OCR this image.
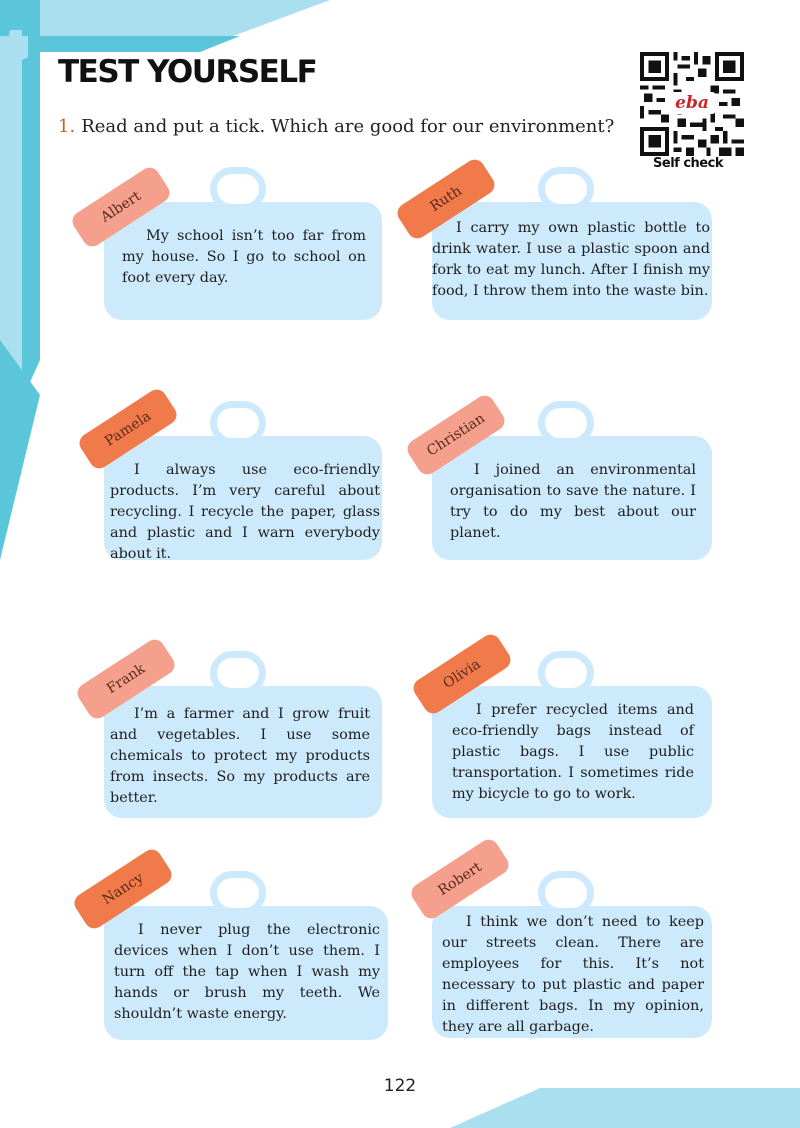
TEST YOURSELF
1. Read and put a tick. Which are good for our environment?
eba
Self check
My school isn’t too far from my house. So I go to school on foot every day.
Albert
I carry my own plastic bottle to drink water. I use a plastic spoon and fork to eat my lunch. After I finish my food, I throw them into the waste bin.
Ruth
I always use eco-friendly products. I’m very careful about recycling. I recycle the paper, glass and plastic and I warn everybody about it.
Pamela
I joined an environmental organisation to save the nature. I try to do my best about our planet.
Christian
I’m a farmer and I grow fruit and vegetables. I use some chemicals to protect my products from insects. So my products are better.
Frank
I prefer recycled items and eco-friendly bags instead of plastic bags. I use public transportation. I sometimes ride my bicycle to go to work.
Olivia
I never plug the electronic devices when I don’t use them. I turn off the tap when I wash my hands or brush my teeth. We shouldn’t waste energy.
Nancy
I think we don’t need to keep our streets clean. There are employees for this. It’s not necessary to put plastic and paper in different bags. In my opinion, they are all garbage.
Robert
122
